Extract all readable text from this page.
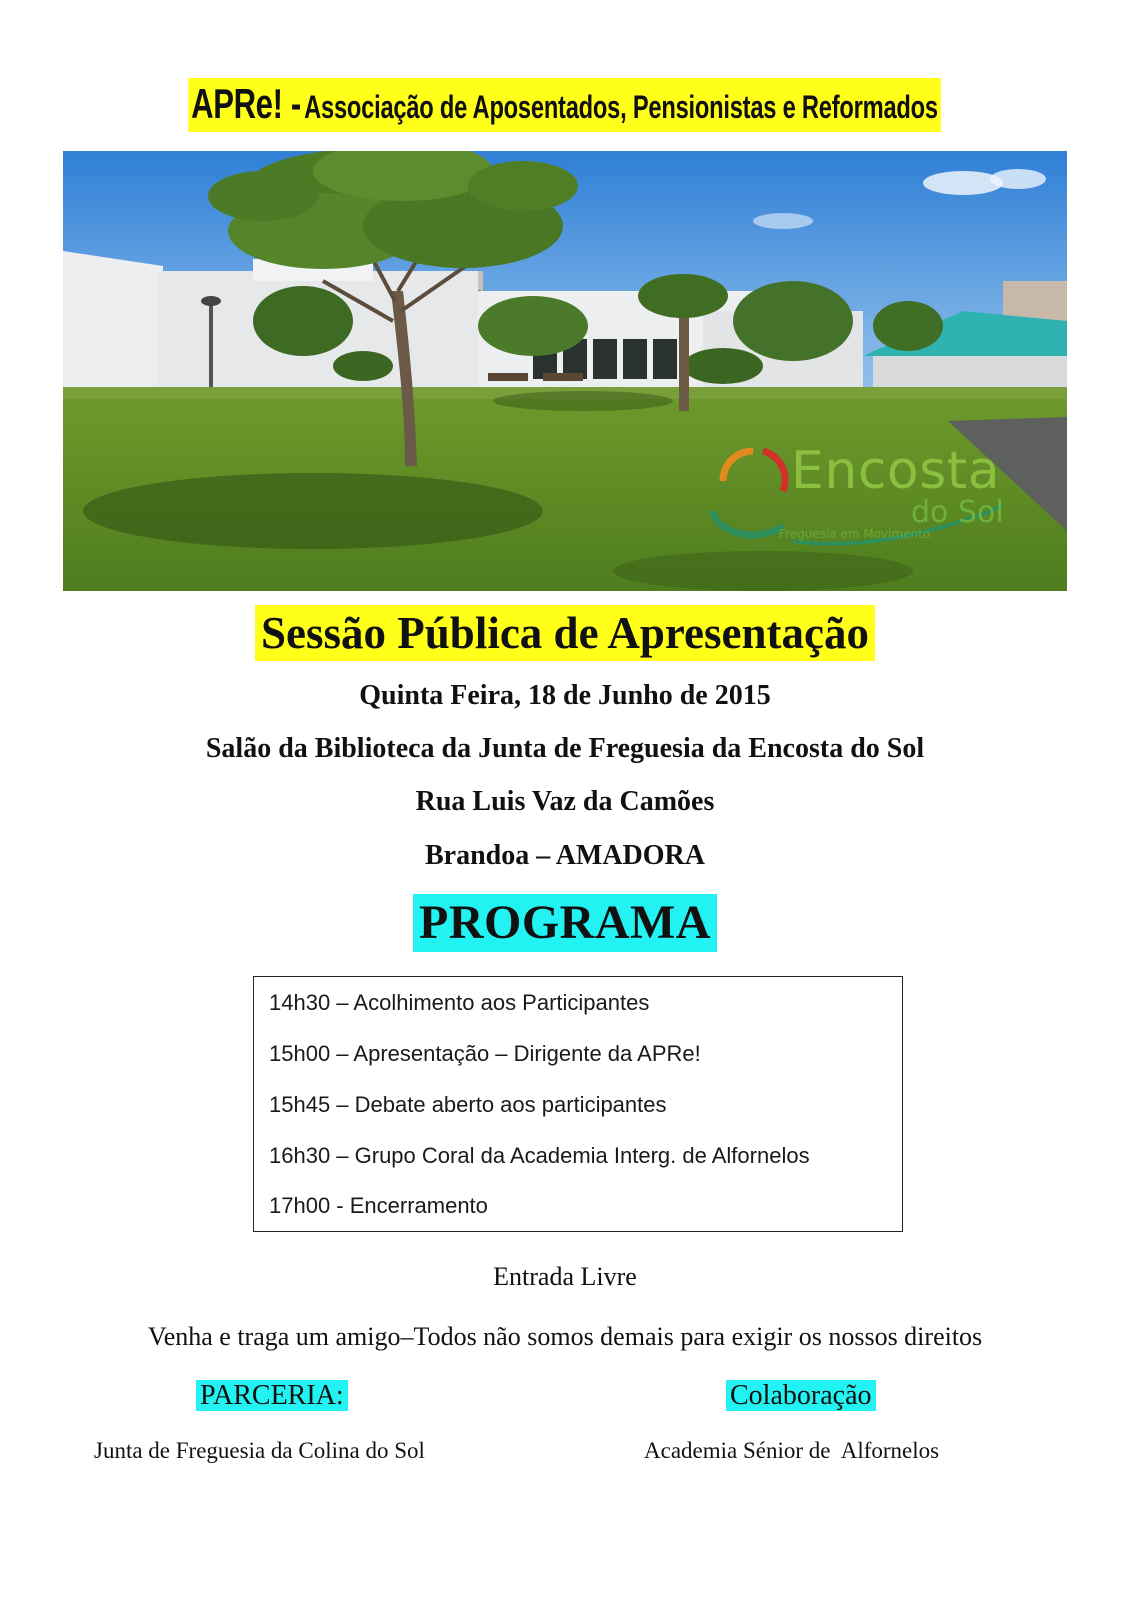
APRe! - Associação de Aposentados, Pensionistas e Reformados
Encosta
do Sol
Freguesia em Movimento
Sessão Pública de Apresentação
Quinta Feira, 18 de Junho de 2015
Salão da Biblioteca da Junta de Freguesia da Encosta do Sol
Rua Luis Vaz da Camões
Brandoa – AMADORA
PROGRAMA
14h30 – Acolhimento aos Participantes
15h00 – Apresentação – Dirigente da APRe!
15h45 – Debate aberto aos participantes
16h30 – Grupo Coral da Academia Interg. de Alfornelos
17h00 - Encerramento
Entrada Livre
Venha e traga um amigo–Todos não somos demais para exigir os nossos direitos
PARCERIA:
Junta de Freguesia da Colina do Sol
Colaboração
Academia Sénior de  Alfornelos
